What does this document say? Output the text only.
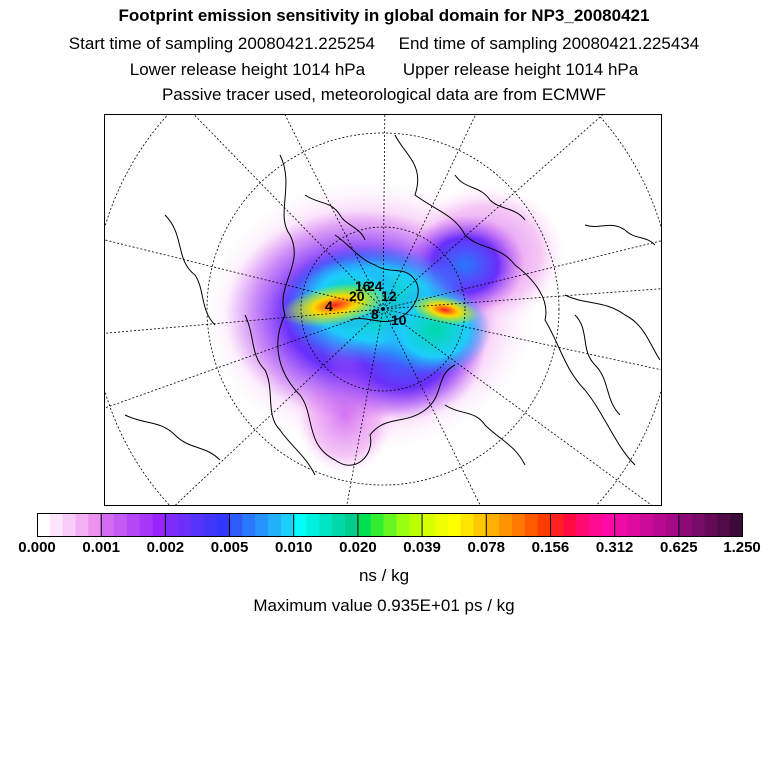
Footprint emission sensitivity in global domain for NP3_20080421
Start time of sampling 20080421.225254 End time of sampling 20080421.225434
Lower release height 1014 hPa Upper release height 1014 hPa
Passive tracer used, meteorological data are from ECMWF
4
20 12
8 10
16
24
0.000 0.001 0.002 0.005 0.010 0.020 0.039 0.078 0.156 0.312 0.625 1.250
ns / kg
Maximum value 0.935E+01 ps / kg
